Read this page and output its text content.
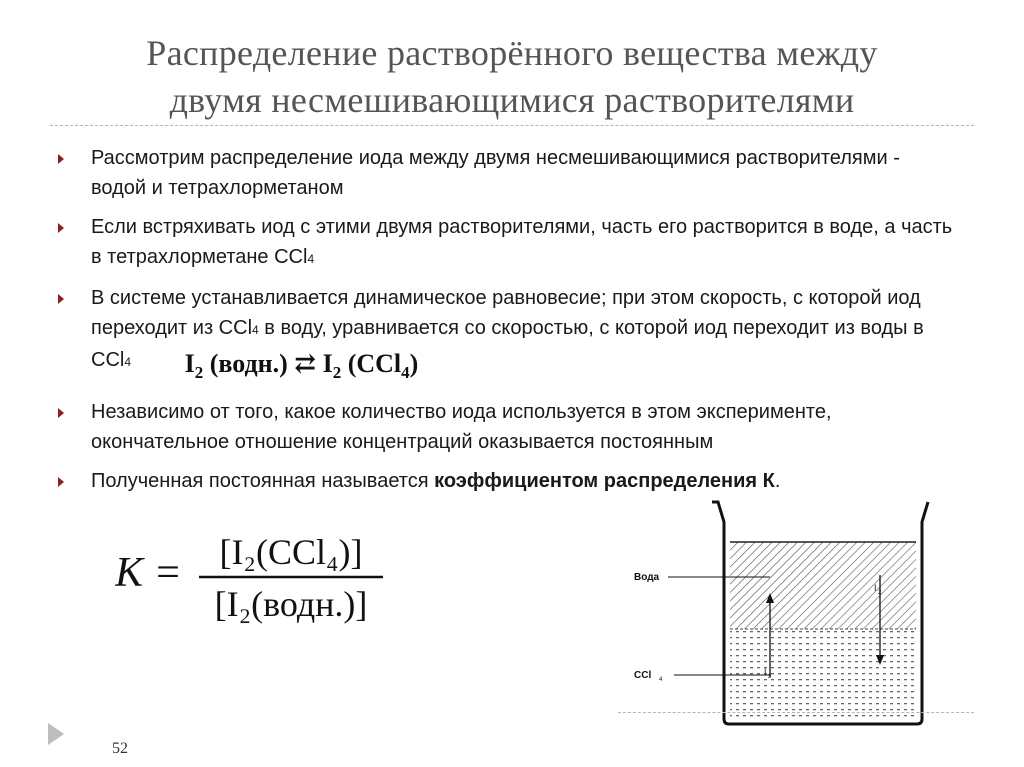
Распределение растворённого вещества между
двумя несмешивающимися растворителями
Рассмотрим распределение иода между двумя несмешивающимися растворителями - водой и тетрахлорметаном
Если встряхивать иод с этими двумя растворителями, часть его растворится в воде, а часть в тетрахлорметане CCl4
В системе устанавливается динамическое равновесие; при этом скорость, с которой иод переходит из CCl4 в воду, уравнивается со скоростью, с которой иод переходит из воды в CCl4 $I_2$ (водн.) ⇄ $I_2$ (CCl$_4$)
Независимо от того, какое количество иода используется в этом эксперименте, окончательное отношение концентраций оказывается постоянным
Полученная постоянная называется коэффициентом распределения К.
K = [I₂(CCl₄)]
[I₂(водн.)]
Вода
CCl 4
I 2
I 2
52
